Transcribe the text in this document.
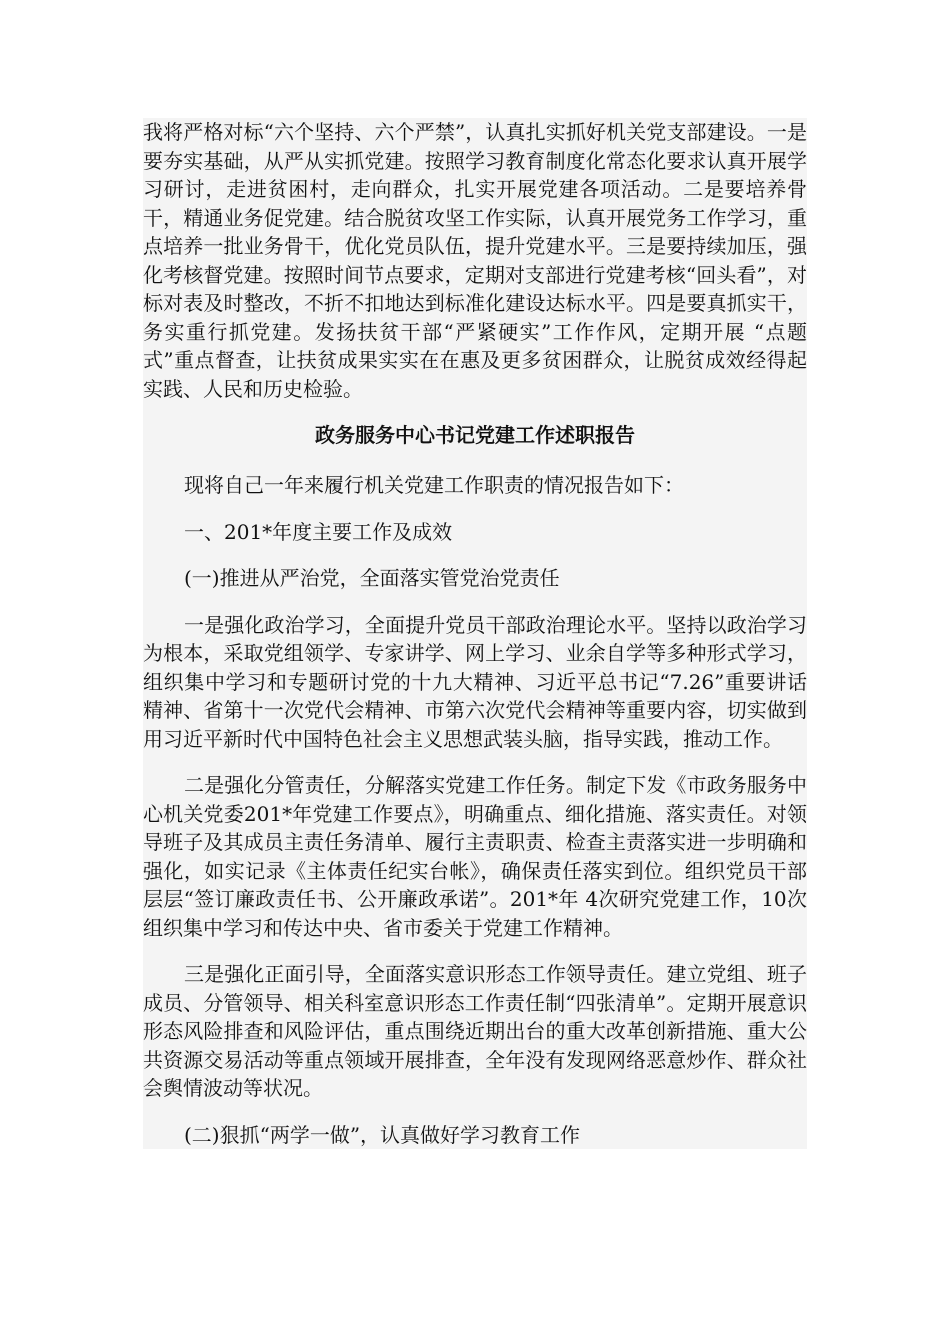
我将严格对标“六个坚持、六个严禁”，认真扎实抓好机关党支部建设。一是要夯实基础，从严从实抓党建。按照学习教育制度化常态化要求认真开展学习研讨，走进贫困村，走向群众，扎实开展党建各项活动。二是要培养骨干，精通业务促党建。结合脱贫攻坚工作实际，认真开展党务工作学习，重点培养一批业务骨干，优化党员队伍，提升党建水平。三是要持续加压，强化考核督党建。按照时间节点要求，定期对支部进行党建考核“回头看”，对标对表及时整改，不折不扣地达到标准化建设达标水平。四是要真抓实干，务实重行抓党建。发扬扶贫干部“严紧硬实”工作作风，定期开展 “点题式”重点督查，让扶贫成果实实在在惠及更多贫困群众，让脱贫成效经得起实践、人民和历史检验。

政务服务中心书记党建工作述职报告

现将自己一年来履行机关党建工作职责的情况报告如下：

一、201*年度主要工作及成效

(一)推进从严治党，全面落实管党治党责任

一是强化政治学习，全面提升党员干部政治理论水平。坚持以政治学习为根本，采取党组领学、专家讲学、网上学习、业余自学等多种形式学习，组织集中学习和专题研讨党的十九大精神、习近平总书记“7.26”重要讲话精神、省第十一次党代会精神、市第六次党代会精神等重要内容，切实做到用习近平新时代中国特色社会主义思想武装头脑，指导实践，推动工作。

二是强化分管责任，分解落实党建工作任务。制定下发《市政务服务中心机关党委201*年党建工作要点》，明确重点、细化措施、落实责任。对领导班子及其成员主责任务清单、履行主责职责、检查主责落实进一步明确和强化，如实记录《主体责任纪实台帐》，确保责任落实到位。组织党员干部层层“签订廉政责任书、公开廉政承诺”。201*年 4次研究党建工作，10次组织集中学习和传达中央、省市委关于党建工作精神。

三是强化正面引导，全面落实意识形态工作领导责任。建立党组、班子成员、分管领导、相关科室意识形态工作责任制“四张清单”。定期开展意识形态风险排查和风险评估，重点围绕近期出台的重大改革创新措施、重大公共资源交易活动等重点领域开展排查，全年没有发现网络恶意炒作、群众社会舆情波动等状况。

(二)狠抓“两学一做”，认真做好学习教育工作
